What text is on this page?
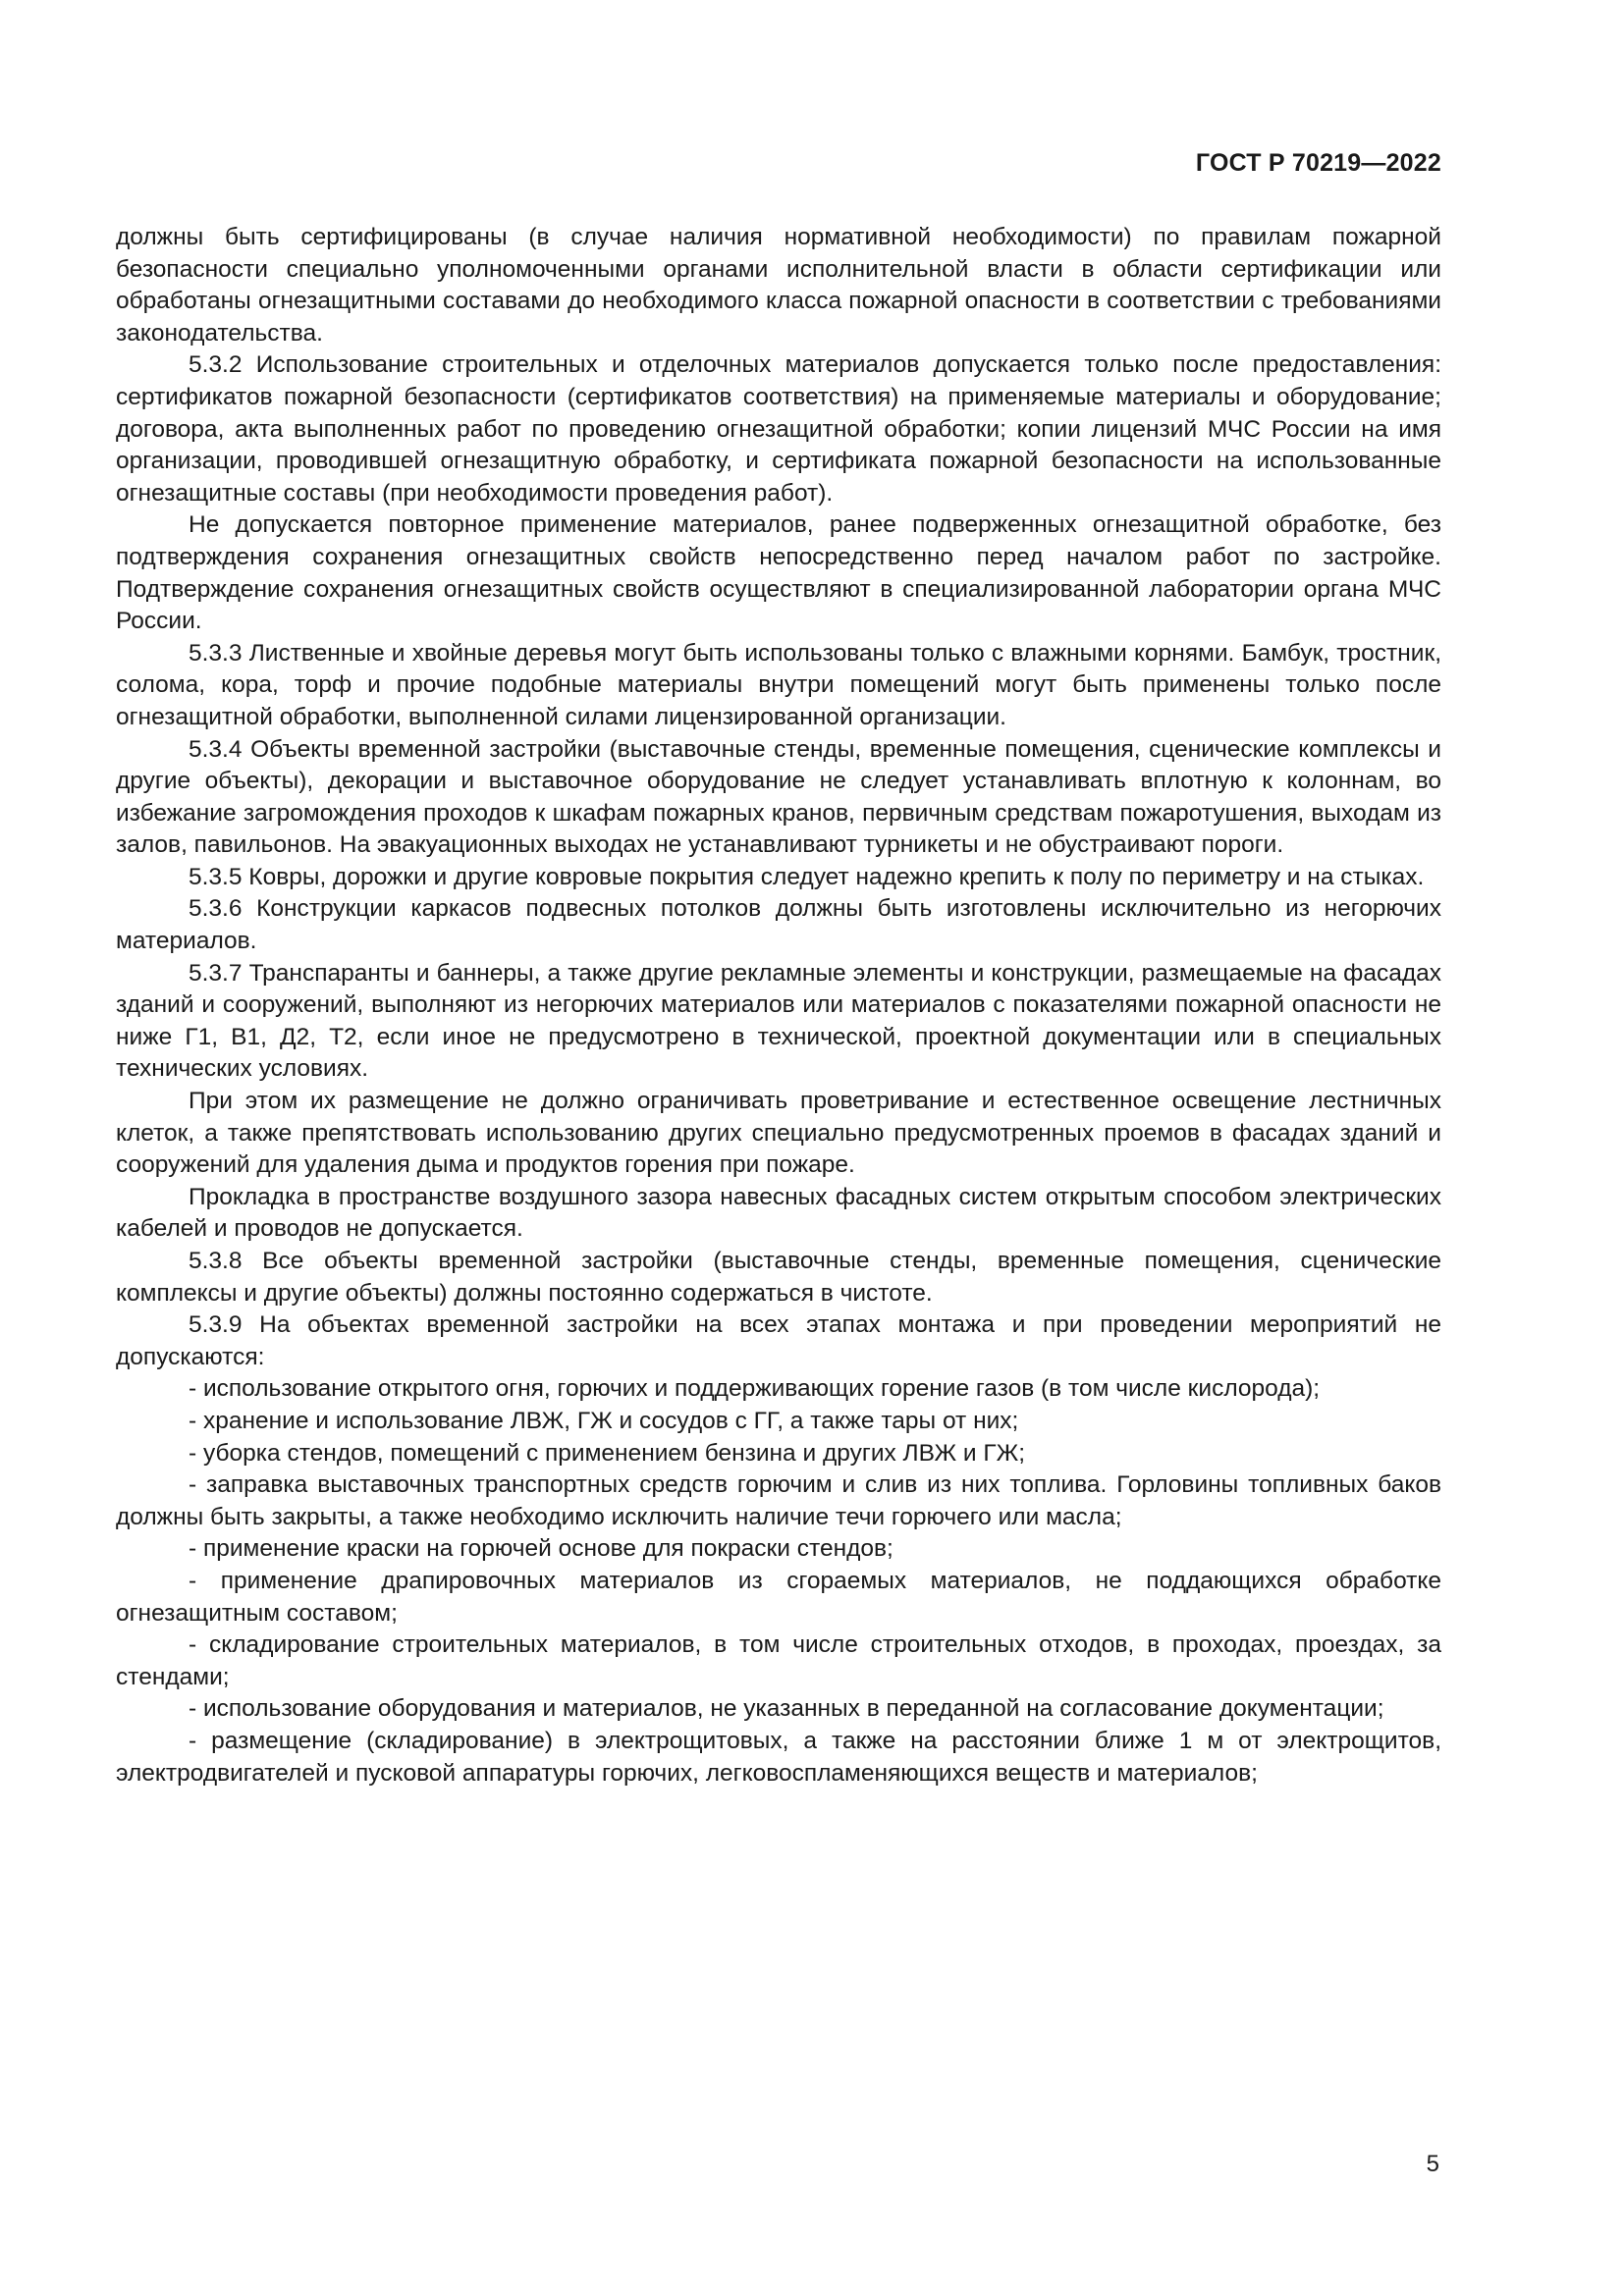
ГОСТ Р 70219—2022

должны быть сертифицированы (в случае наличия нормативной необходимости) по правилам пожарной безопасности специально уполномоченными органами исполнительной власти в области сертификации или обработаны огнезащитными составами до необходимого класса пожарной опасности в соответствии с требованиями законодательства.

5.3.2 Использование строительных и отделочных материалов допускается только после предоставления: сертификатов пожарной безопасности (сертификатов соответствия) на применяемые материалы и оборудование; договора, акта выполненных работ по проведению огнезащитной обработки; копии лицензий МЧС России на имя организации, проводившей огнезащитную обработку, и сертификата пожарной безопасности на использованные огнезащитные составы (при необходимости проведения работ).

Не допускается повторное применение материалов, ранее подверженных огнезащитной обработке, без подтверждения сохранения огнезащитных свойств непосредственно перед началом работ по застройке. Подтверждение сохранения огнезащитных свойств осуществляют в специализированной лаборатории органа МЧС России.

5.3.3 Лиственные и хвойные деревья могут быть использованы только с влажными корнями. Бамбук, тростник, солома, кора, торф и прочие подобные материалы внутри помещений могут быть применены только после огнезащитной обработки, выполненной силами лицензированной организации.

5.3.4 Объекты временной застройки (выставочные стенды, временные помещения, сценические комплексы и другие объекты), декорации и выставочное оборудование не следует устанавливать вплотную к колоннам, во избежание загромождения проходов к шкафам пожарных кранов, первичным средствам пожаротушения, выходам из залов, павильонов. На эвакуационных выходах не устанавливают турникеты и не обустраивают пороги.

5.3.5 Ковры, дорожки и другие ковровые покрытия следует надежно крепить к полу по периметру и на стыках.

5.3.6 Конструкции каркасов подвесных потолков должны быть изготовлены исключительно из негорючих материалов.

5.3.7 Транспаранты и баннеры, а также другие рекламные элементы и конструкции, размещаемые на фасадах зданий и сооружений, выполняют из негорючих материалов или материалов с показателями пожарной опасности не ниже Г1, В1, Д2, Т2, если иное не предусмотрено в технической, проектной документации или в специальных технических условиях.

При этом их размещение не должно ограничивать проветривание и естественное освещение лестничных клеток, а также препятствовать использованию других специально предусмотренных проемов в фасадах зданий и сооружений для удаления дыма и продуктов горения при пожаре.

Прокладка в пространстве воздушного зазора навесных фасадных систем открытым способом электрических кабелей и проводов не допускается.

5.3.8 Все объекты временной застройки (выставочные стенды, временные помещения, сценические комплексы и другие объекты) должны постоянно содержаться в чистоте.

5.3.9 На объектах временной застройки на всех этапах монтажа и при проведении мероприятий не допускаются:

- использование открытого огня, горючих и поддерживающих горение газов (в том числе кислорода);

- хранение и использование ЛВЖ, ГЖ и сосудов с ГГ, а также тары от них;

- уборка стендов, помещений с применением бензина и других ЛВЖ и ГЖ;

- заправка выставочных транспортных средств горючим и слив из них топлива. Горловины топливных баков должны быть закрыты, а также необходимо исключить наличие течи горючего или масла;

- применение краски на горючей основе для покраски стендов;

- применение драпировочных материалов из сгораемых материалов, не поддающихся обработке огнезащитным составом;

- складирование строительных материалов, в том числе строительных отходов, в проходах, проездах, за стендами;

- использование оборудования и материалов, не указанных в переданной на согласование документации;

- размещение (складирование) в электрощитовых, а также на расстоянии ближе 1 м от электрощитов, электродвигателей и пусковой аппаратуры горючих, легковоспламеняющихся веществ и материалов;

5
